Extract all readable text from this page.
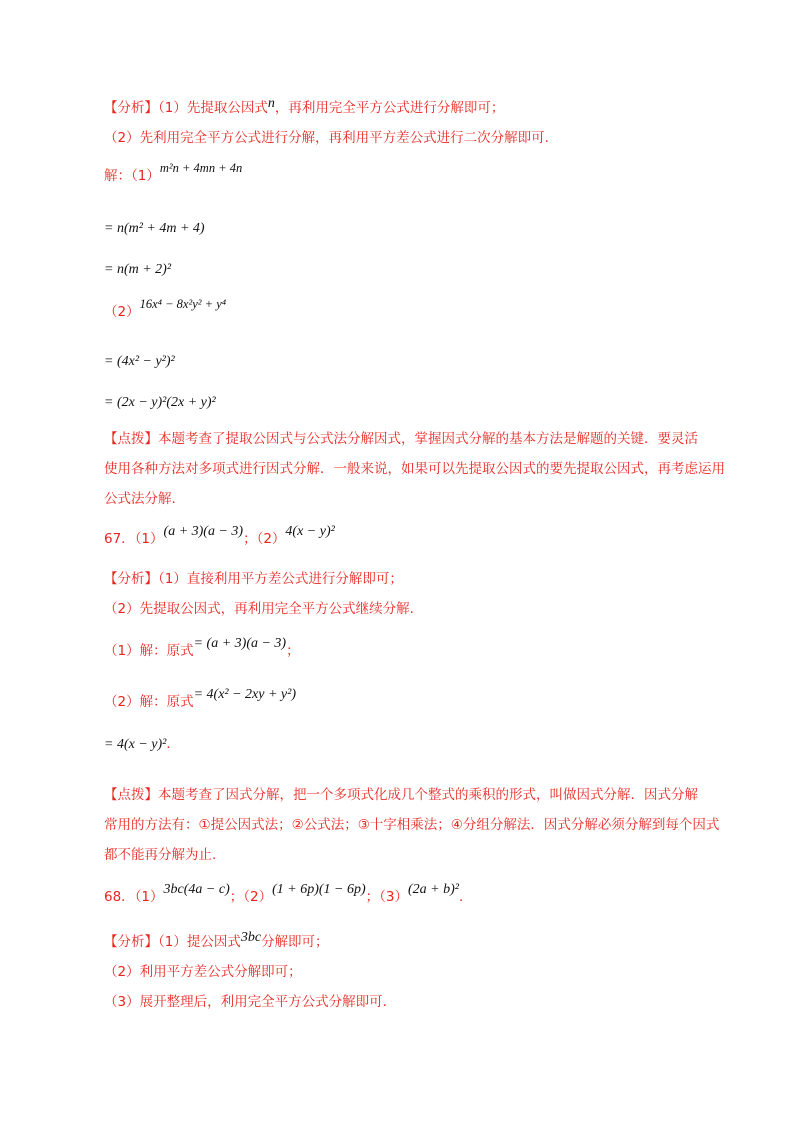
【分析】（1）先提取公因式n，再利用完全平方公式进行分解即可；
（2）先利用完全平方公式进行分解，再利用平方差公式进行二次分解即可.
解：（1）m²n + 4mn + 4n
= n(m² + 4m + 4)
= n(m + 2)²
（2）16x⁴ − 8x²y² + y⁴
= (4x² − y²)²
= (2x − y)²(2x + y)²
【点拨】本题考查了提取公因式与公式法分解因式，掌握因式分解的基本方法是解题的关键．要灵活
使用各种方法对多项式进行因式分解．一般来说，如果可以先提取公因式的要先提取公因式，再考虑运用
公式法分解.
67．（1）(a + 3)(a − 3)；（2）4(x − y)²
【分析】（1）直接利用平方差公式进行分解即可；
（2）先提取公因式，再利用完全平方公式继续分解.
（1）解：原式= (a + 3)(a − 3)；
（2）解：原式= 4(x² − 2xy + y²)
= 4(x − y)²．
【点拨】本题考查了因式分解，把一个多项式化成几个整式的乘积的形式，叫做因式分解．因式分解
常用的方法有：①提公因式法；②公式法；③十字相乘法；④分组分解法．因式分解必须分解到每个因式
都不能再分解为止.
68．（1）3bc(4a − c)；（2）(1 + 6p)(1 − 6p)；（3）(2a + b)²．
【分析】（1）提公因式3bc分解即可；
（2）利用平方差公式分解即可；
（3）展开整理后，利用完全平方公式分解即可.
